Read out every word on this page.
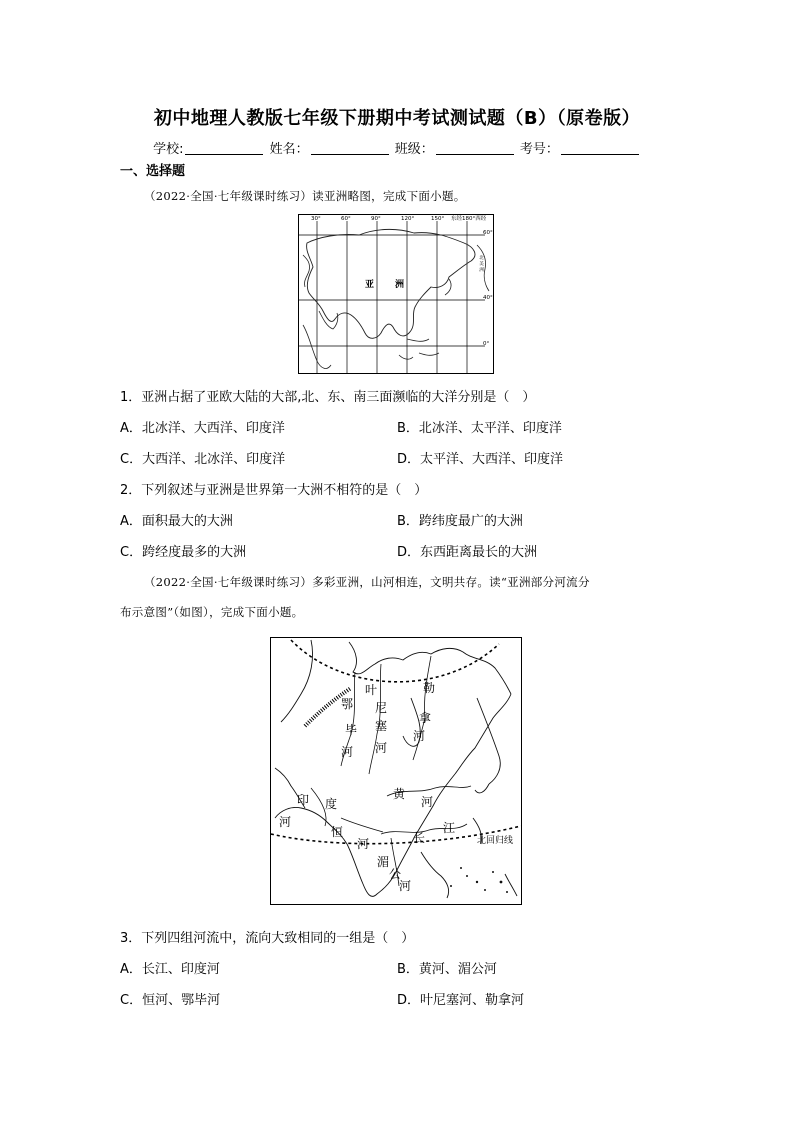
初中地理人教版七年级下册期中考试测试题（B）（原卷版）
学校:	姓名：	班级：	考号：
一、选择题
（2022·全国·七年级课时练习）读亚洲略图，完成下面小题。
30°	60°	90°	120°	150° 东经180°西经
60°
40°
0°
亚 洲
北 美 洲
1．亚洲占据了亚欧大陆的大部,北、东、南三面濒临的大洋分别是（　）
A．北冰洋、大西洋、印度洋	B．北冰洋、太平洋、印度洋
C．大西洋、北冰洋、印度洋	D．太平洋、大西洋、印度洋
2．下列叙述与亚洲是世界第一大洲不相符的是（　）
A．面积最大的大洲	B．跨纬度最广的大洲
C．跨经度最多的大洲	D．东西距离最长的大洲
（2022·全国·七年级课时练习）多彩亚洲，山河相连，文明共存。读“亚洲部分河流分
布示意图”（如图），完成下面小题。
叶
尼
塞
河
鄂
毕
河
勒
拿
河
黄
河
长
江
印 度
河
恒
河
湄
公
河
北回归线
3．下列四组河流中，流向大致相同的一组是（　）
A．长江、印度河	B．黄河、湄公河
C．恒河、鄂毕河	D．叶尼塞河、勒拿河
